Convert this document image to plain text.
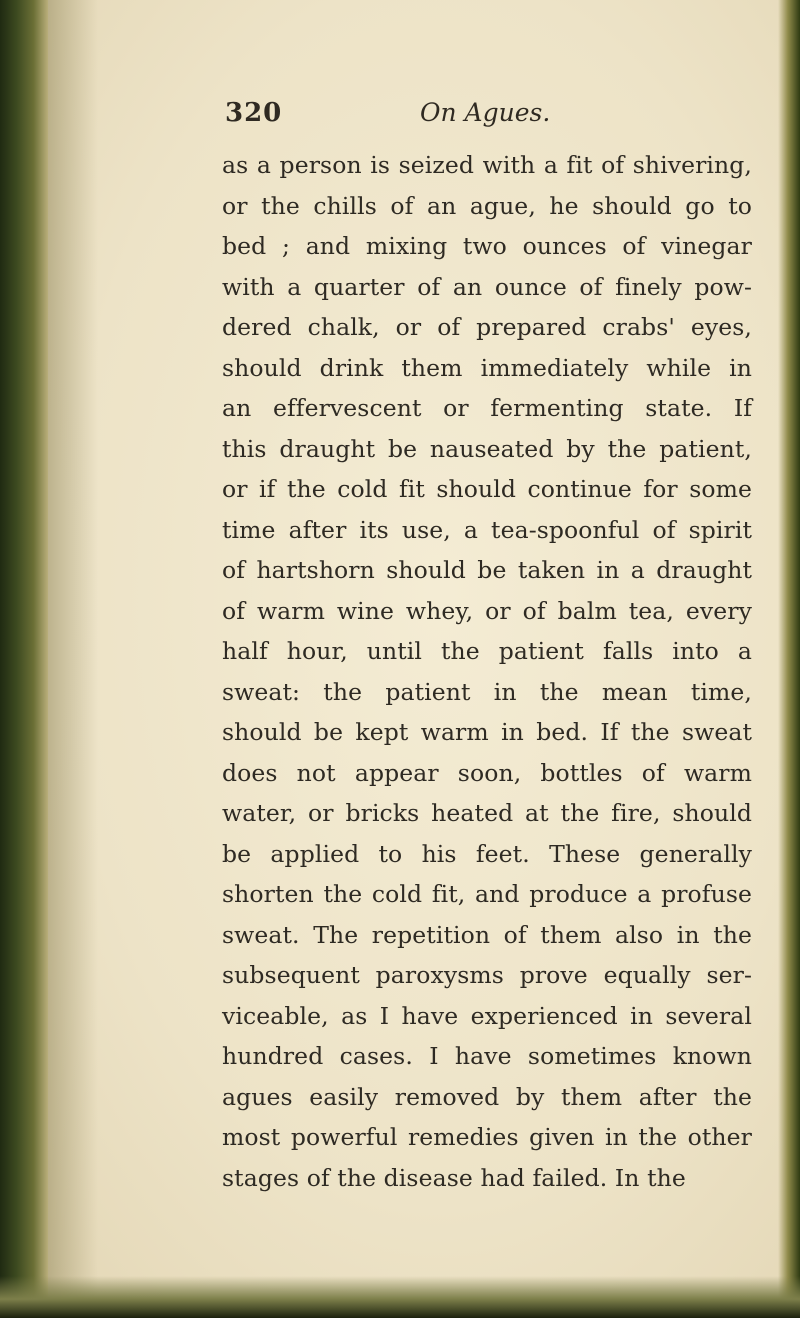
320	On Agues.
as a person is seized with a fit of shivering,
or the chills of an ague, he should go to
bed ; and mixing two ounces of vinegar
with a quarter of an ounce of finely pow-
dered chalk, or of prepared crabs' eyes,
should drink them immediately while in
an effervescent or fermenting state. If
this draught be nauseated by the patient,
or if the cold fit should continue for some
time after its use, a tea-spoonful of spirit
of hartshorn should be taken in a draught
of warm wine whey, or of balm tea, every
half hour, until the patient falls into a
sweat: the patient in the mean time,
should be kept warm in bed. If the sweat
does not appear soon, bottles of warm
water, or bricks heated at the fire, should
be applied to his feet. These generally
shorten the cold fit, and produce a profuse
sweat. The repetition of them also in the
subsequent paroxysms prove equally ser-
viceable, as I have experienced in several
hundred cases. I have sometimes known
agues easily removed by them after the
most powerful remedies given in the other
stages of the disease had failed. In the
